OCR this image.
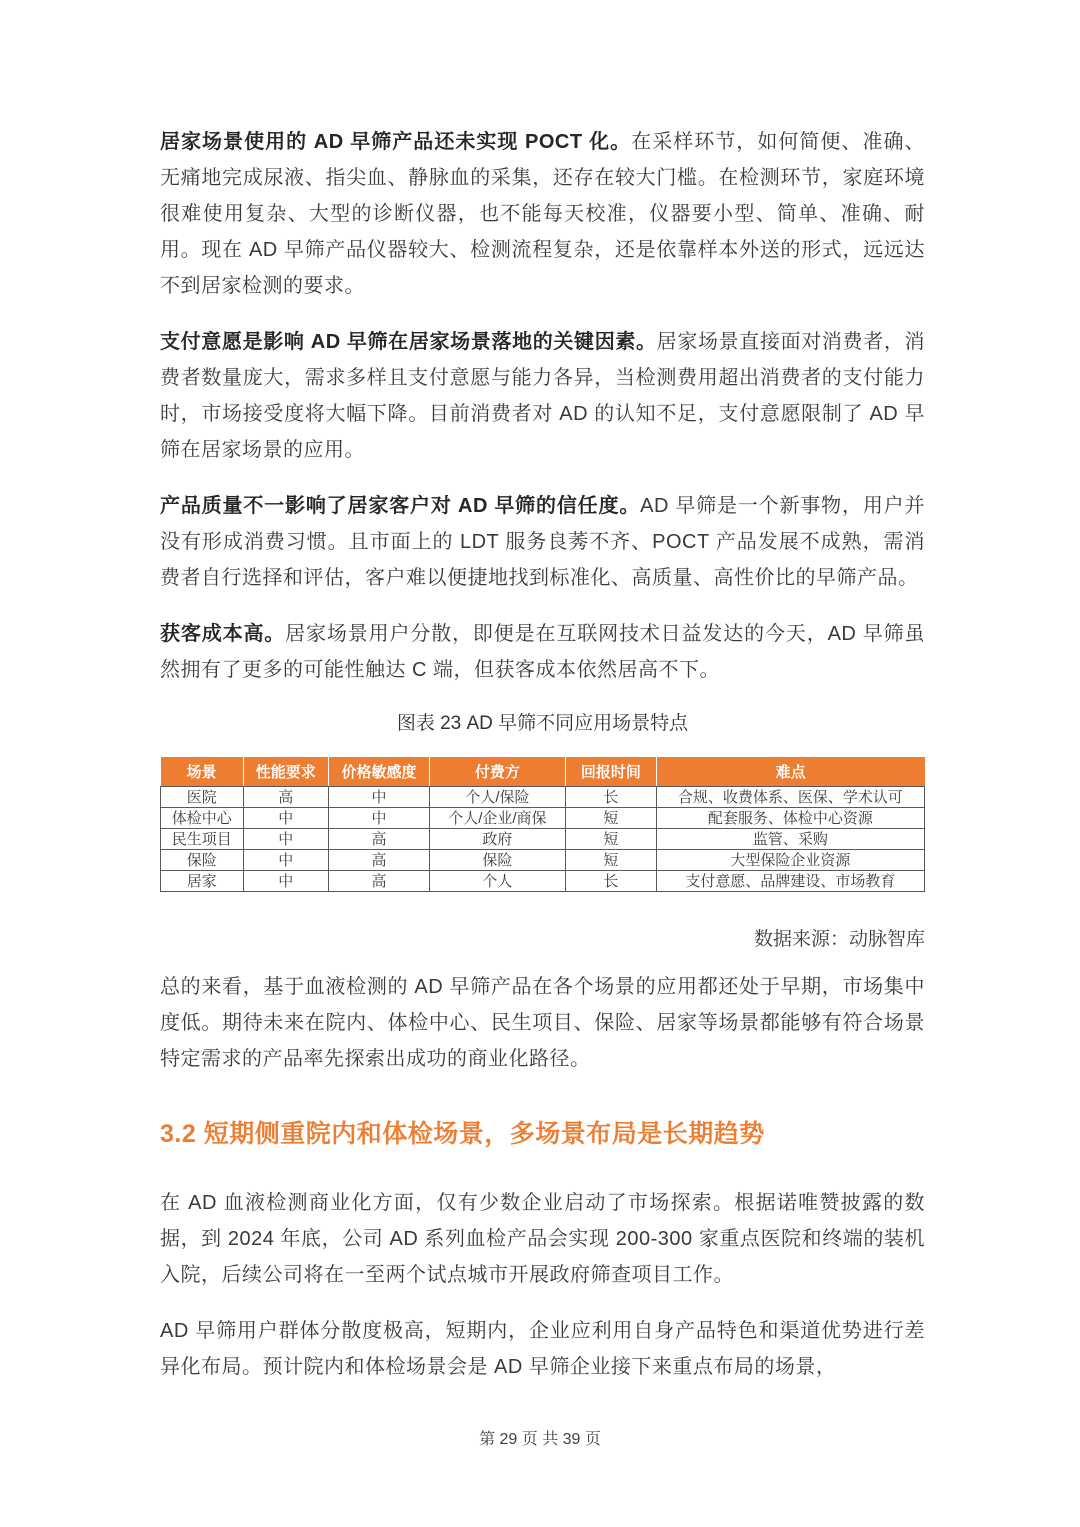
居家场景使用的 AD 早筛产品还未实现 POCT 化。在采样环节，如何简便、准确、无痛地完成尿液、指尖血、静脉血的采集，还存在较大门槛。在检测环节，家庭环境很难使用复杂、大型的诊断仪器，也不能每天校准，仪器要小型、简单、准确、耐用。现在 AD 早筛产品仪器较大、检测流程复杂，还是依靠样本外送的形式，远远达不到居家检测的要求。

支付意愿是影响 AD 早筛在居家场景落地的关键因素。居家场景直接面对消费者，消费者数量庞大，需求多样且支付意愿与能力各异，当检测费用超出消费者的支付能力时，市场接受度将大幅下降。目前消费者对 AD 的认知不足，支付意愿限制了 AD 早筛在居家场景的应用。

产品质量不一影响了居家客户对 AD 早筛的信任度。AD 早筛是一个新事物，用户并没有形成消费习惯。且市面上的 LDT 服务良莠不齐、POCT 产品发展不成熟，需消费者自行选择和评估，客户难以便捷地找到标准化、高质量、高性价比的早筛产品。

获客成本高。居家场景用户分散，即便是在互联网技术日益发达的今天，AD 早筛虽然拥有了更多的可能性触达 C 端，但获客成本依然居高不下。

图表 23 AD 早筛不同应用场景特点
场景	性能要求	价格敏感度	付费方	回报时间	难点
医院	高	中	个人/保险	长	合规、收费体系、医保、学术认可
体检中心	中	中	个人/企业/商保	短	配套服务、体检中心资源
民生项目	中	高	政府	短	监管、采购
保险	中	高	保险	短	大型保险企业资源
居家	中	高	个人	长	支付意愿、品牌建设、市场教育
数据来源：动脉智库

总的来看，基于血液检测的 AD 早筛产品在各个场景的应用都还处于早期，市场集中度低。期待未来在院内、体检中心、民生项目、保险、居家等场景都能够有符合场景特定需求的产品率先探索出成功的商业化路径。

3.2 短期侧重院内和体检场景，多场景布局是长期趋势

在 AD 血液检测商业化方面，仅有少数企业启动了市场探索。根据诺唯赞披露的数据，到 2024 年底，公司 AD 系列血检产品会实现 200-300 家重点医院和终端的装机入院，后续公司将在一至两个试点城市开展政府筛查项目工作。

AD 早筛用户群体分散度极高，短期内，企业应利用自身产品特色和渠道优势进行差异化布局。预计院内和体检场景会是 AD 早筛企业接下来重点布局的场景，

第 29 页 共 39 页
